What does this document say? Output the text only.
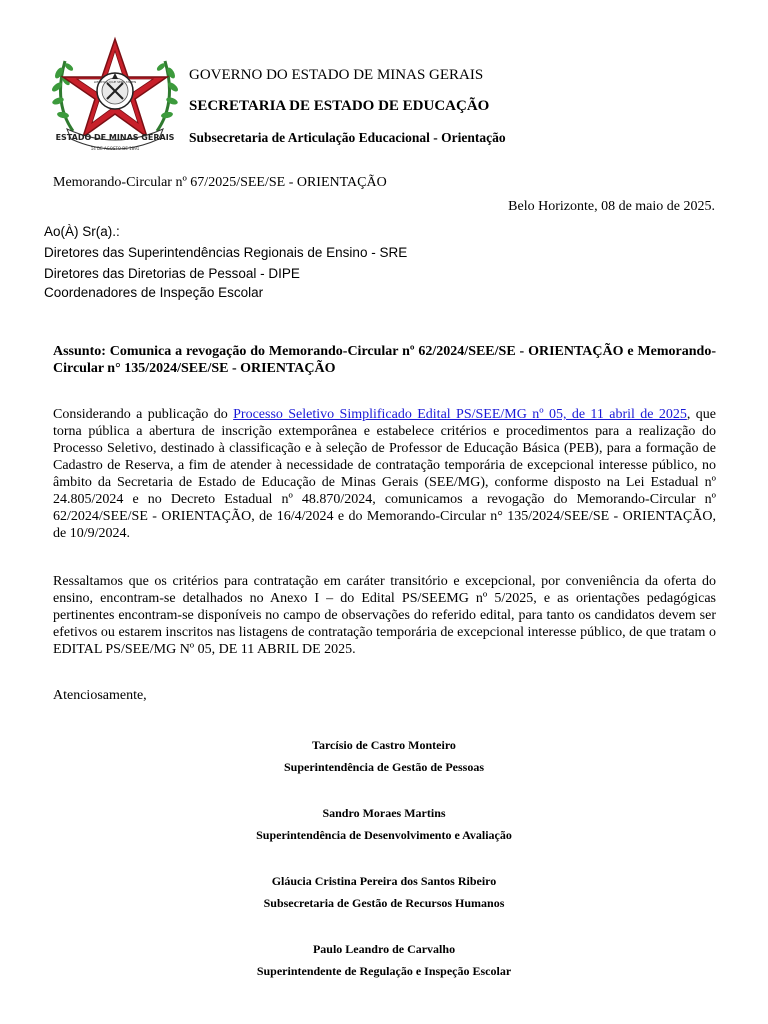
ESTADO DE MINAS GERAIS
14 DE AGOSTO DE 1891
LIBERTAS QUÆ SERA TAMEN	GOVERNO DO ESTADO DE MINAS GERAIS
SECRETARIA DE ESTADO DE EDUCAÇÃO
Subsecretaria de Articulação Educacional - Orientação
Memorando-Circular nº 67/2025/SEE/SE - ORIENTAÇÃO
Belo Horizonte, 08 de maio de 2025.
Ao(À) Sr(a).:
Diretores das Superintendências Regionais de Ensino - SRE
Diretores das Diretorias de Pessoal - DIPE
Coordenadores de Inspeção Escolar
Assunto: Comunica a revogação do Memorando-Circular nº 62/2024/SEE/SE - ORIENTAÇÃO e Memorando-Circular n° 135/2024/SEE/SE - ORIENTAÇÃO
Considerando a publicação do Processo Seletivo Simplificado Edital PS/SEE/MG nº 05, de 11 abril de 2025, que torna pública a abertura de inscrição extemporânea e estabelece critérios e procedimentos para a realização do Processo Seletivo, destinado à classificação e à seleção de Professor de Educação Básica (PEB), para a formação de Cadastro de Reserva, a fim de atender à necessidade de contratação temporária de excepcional interesse público, no âmbito da Secretaria de Estado de Educação de Minas Gerais (SEE/MG), conforme disposto na Lei Estadual nº 24.805/2024 e no Decreto Estadual nº 48.870/2024, comunicamos a revogação do Memorando-Circular nº 62/2024/SEE/SE - ORIENTAÇÃO, de 16/4/2024 e do Memorando-Circular n° 135/2024/SEE/SE - ORIENTAÇÃO, de 10/9/2024.
Ressaltamos que os critérios para contratação em caráter transitório e excepcional, por conveniência da oferta do ensino, encontram-se detalhados no Anexo I – do Edital PS/SEEMG nº 5/2025, e as orientações pedagógicas pertinentes encontram-se disponíveis no campo de observações do referido edital, para tanto os candidatos devem ser efetivos ou estarem inscritos nas listagens de contratação temporária de excepcional interesse público, de que tratam o EDITAL PS/SEE/MG Nº 05, DE 11 ABRIL DE 2025.
Atenciosamente,
Tarcísio de Castro Monteiro
Superintendência de Gestão de Pessoas
Sandro Moraes Martins
Superintendência de Desenvolvimento e Avaliação
Gláucia Cristina Pereira dos Santos Ribeiro
Subsecretaria de Gestão de Recursos Humanos
Paulo Leandro de Carvalho
Superintendente de Regulação e Inspeção Escolar
